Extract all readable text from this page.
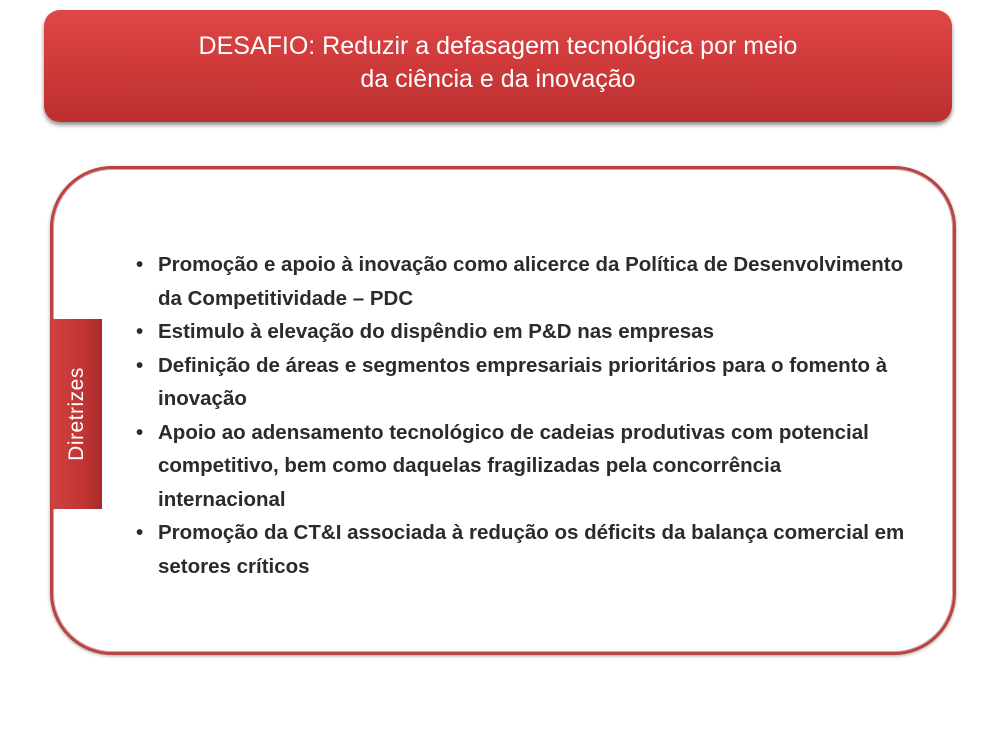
DESAFIO: Reduzir a defasagem tecnológica por meio
da ciência e da inovação
Diretrizes
• Promoção e apoio à inovação como alicerce da Política de Desenvolvimento da Competitividade – PDC
• Estimulo à elevação do dispêndio em P&D nas empresas
• Definição de áreas e segmentos empresariais prioritários para o fomento à inovação
• Apoio ao adensamento tecnológico de cadeias produtivas com potencial competitivo, bem como daquelas fragilizadas pela concorrência internacional
• Promoção da CT&I associada à redução os déficits da balança comercial em setores críticos
